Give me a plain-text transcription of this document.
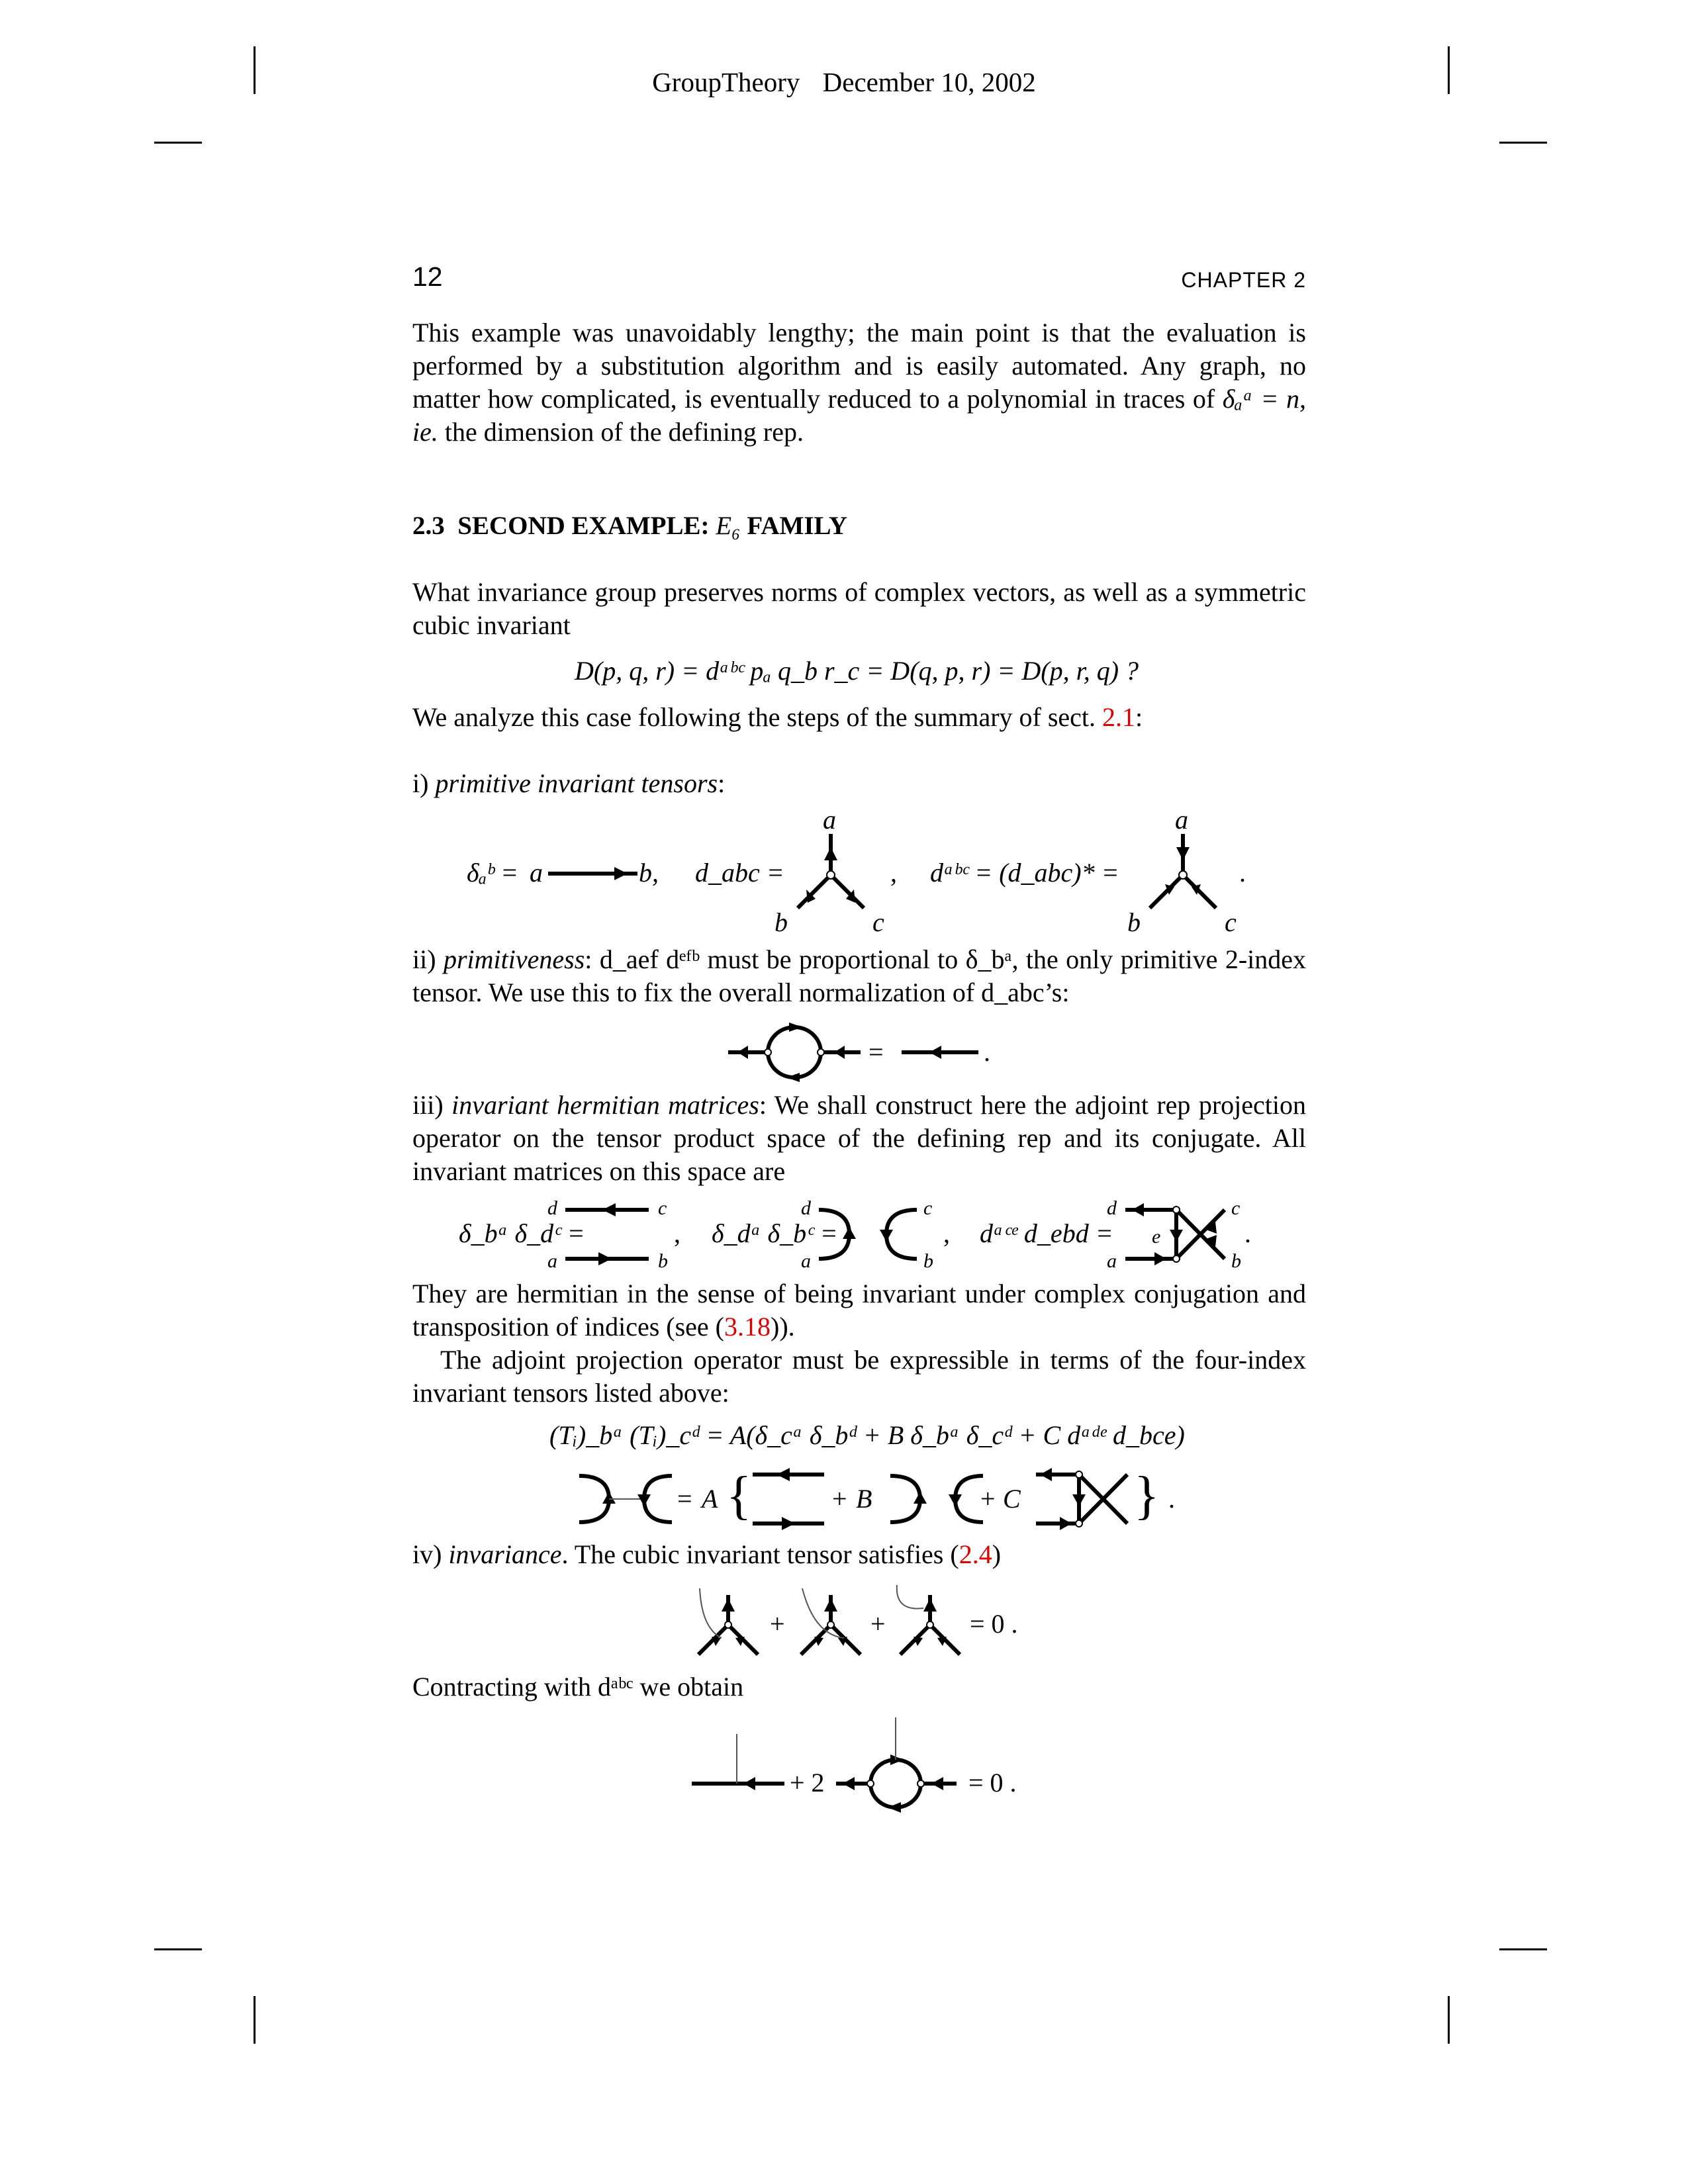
GroupTheory December 10, 2002
12	CHAPTER 2
This example was unavoidably lengthy; the main point is that the evaluation is performed by a substitution algorithm and is easily automated. Any graph, no matter how complicated, is eventually reduced to a polynomial in traces of δₐᵃ = n, ie. the dimension of the defining rep.
2.3 SECOND EXAMPLE: E₆ FAMILY
What invariance group preserves norms of complex vectors, as well as a symmetric cubic invariant
D(p, q, r) = dᵃᵇᶜ pₐ q_b r_c = D(q, p, r) = D(p, r, q) ?
We analyze this case following the steps of the summary of sect. 2.1:
i) primitive invariant tensors:
δₐᵇ = a	b, d_abc =
a
b	c
, dᵃᵇᶜ = (d_abc)* =
a
b	c
.
ii) primitiveness: d_aef dᵉᶠᵇ must be proportional to δ_bᵃ, the only primitive 2-index tensor. We use this to fix the overall normalization of d_abc’s:
=	.
iii) invariant hermitian matrices: We shall construct here the adjoint rep projection operator on the tensor product space of the defining rep and its conjugate. All invariant matrices on this space are
δ_bᵃ δ_dᶜ =
d	c
a	b
, δ_dᵃ δ_bᶜ =
d	c
a	b
, dᵃᶜᵉ d_ebd =
d	c
a	b
e	.
They are hermitian in the sense of being invariant under complex conjugation and transposition of indices (see (3.18)).
The adjoint projection operator must be expressible in terms of the four-index invariant tensors listed above:
(Tᵢ)_bᵃ (Tᵢ)_cᵈ = A(δ_cᵃ δ_bᵈ + B δ_bᵃ δ_cᵈ + C dᵃᵈᵉ d_bce)
= A {	+ B	+ C } .
iv) invariance. The cubic invariant tensor satisfies (2.4)
+	+	= 0 .
Contracting with dᵃᵇᶜ we obtain
+ 2	= 0 .
